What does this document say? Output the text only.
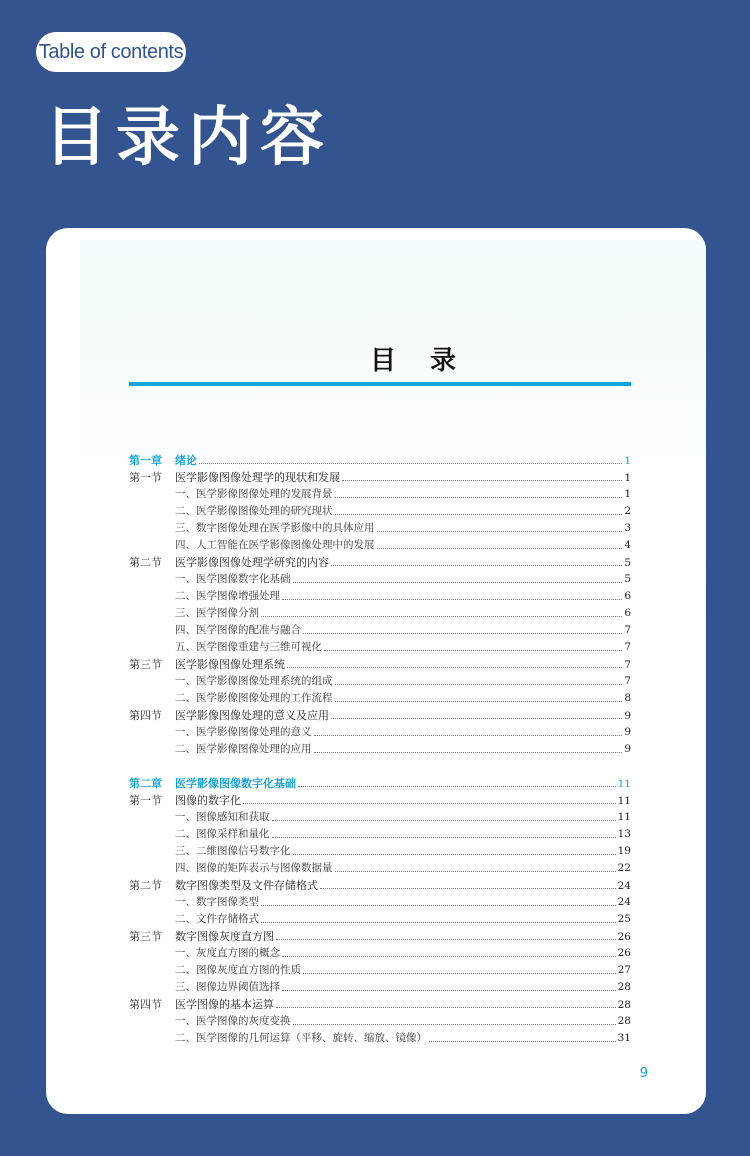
Table of contents
目录内容
目录
第一章 绪论	1
第一节 医学影像图像处理学的现状和发展	1
一、医学影像图像处理的发展背景	1
二、医学影像图像处理的研究现状	2
三、数字图像处理在医学影像中的具体应用	3
四、人工智能在医学影像图像处理中的发展	4
第二节 医学影像图像处理学研究的内容	5
一、医学图像数字化基础	5
二、医学图像增强处理	6
三、医学图像分割	6
四、医学图像的配准与融合	7
五、医学图像重建与三维可视化	7
第三节 医学影像图像处理系统	7
一、医学影像图像处理系统的组成	7
二、医学影像图像处理的工作流程	8
第四节 医学影像图像处理的意义及应用	9
一、医学影像图像处理的意义	9
二、医学影像图像处理的应用	9
第二章 医学影像图像数字化基础	11
第一节 图像的数字化	11
一、图像感知和获取	11
二、图像采样和量化	13
三、二维图像信号数字化	19
四、图像的矩阵表示与图像数据量	22
第二节 数字图像类型及文件存储格式	24
一、数字图像类型	24
二、文件存储格式	25
第三节 数字图像灰度直方图	26
一、灰度直方图的概念	26
二、图像灰度直方图的性质	27
三、图像边界阈值选择	28
第四节 医学图像的基本运算	28
一、医学图像的灰度变换	28
二、医学图像的几何运算（平移、旋转、缩放、镜像）	31
9
